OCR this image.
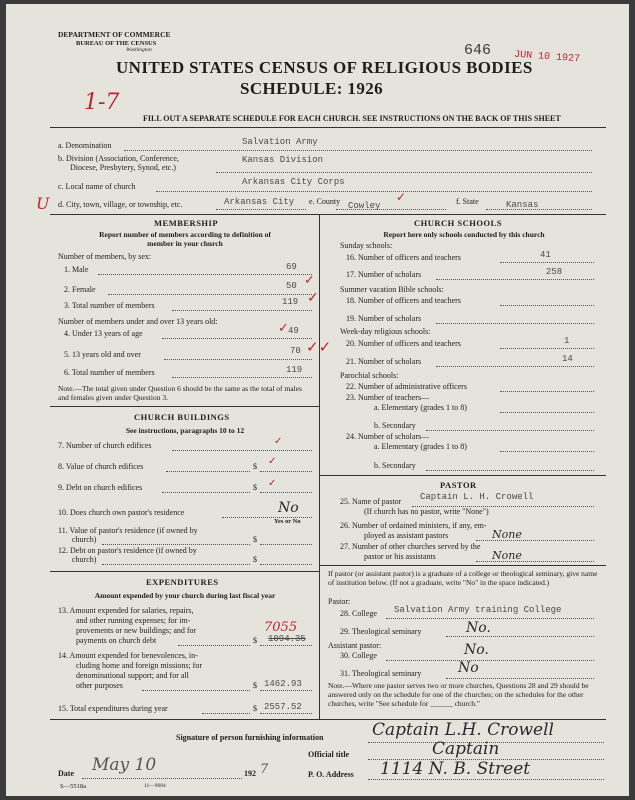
DEPARTMENT OF COMMERCE
BUREAU OF THE CENSUS
Washington	646 JUN 10 1927
UNITED STATES CENSUS OF RELIGIOUS BODIES
SCHEDULE: 1926
1-7
FILL OUT A SEPARATE SCHEDULE FOR EACH CHURCH. SEE INSTRUCTIONS ON THE BACK OF THIS SHEET
a. Denomination	Salvation Army
b. Division (Association, Conference,
Diocese, Presbytery, Synod, etc.)
Kansas Division
c. Local name of church	Arkansas City Corps
U d. City, town, village, or township, etc.	Arkansas City e. County Cowley
✓	f. State	Kansas
MEMBERSHIP
Report number of members according to definition of
member in your church
Number of members, by sex:
1. Male	69
2. Female	50 ✓
3. Total number of members	119 ✓
Number of members under and over 13 years old:
4. Under 13 years of age	49
✓
5. 13 years old and over	70 ✓✓
6. Total number of members	119
Note.—The total given under Question 6 should be the same as the total of males and females given under Question 3.
CHURCH BUILDINGS
See instructions, paragraphs 10 to 12
7. Number of church edifices	✓
8. Value of church edifices	$ ✓
9. Debt on church edifices	$ ✓
10. Does church own pastor's residence	No
Yes or No
11. Value of pastor's residence (if owned by
church)	$
12. Debt on pastor's residence (if owned by
church)	$
EXPENDITURES
Amount expended by your church during last fiscal year
13. Amount expended for salaries, repairs,
and other running expenses; for im-
provements or new buildings; and for
payments on church debt	$
7055
1094.35
14. Amount expended for benevolences, in-
cluding home and foreign missions; for
denominational support; and for all
other purposes	$ 1462.93
15. Total expenditures during year	$ 2557.52
CHURCH SCHOOLS
Report here only schools conducted by this church
Sunday schools:
16. Number of officers and teachers	41
17. Number of scholars	258
Summer vacation Bible schools:
18. Number of officers and teachers
19. Number of scholars
Week-day religious schools:
20. Number of officers and teachers	1
21. Number of scholars	14
Parochial schools:
22. Number of administrative officers
23. Number of teachers—
a. Elementary (grades 1 to 8)
b. Secondary
24. Number of scholars—
a. Elementary (grades 1 to 8)
b. Secondary
PASTOR
25. Name of pastor Captain L. H. Crowell
(If church has no pastor, write "None")
26. Number of ordained ministers, if any, em-
ployed as assistant pastors	None
27. Number of other churches served by the
pastor or his assistants	None
If pastor (or assistant pastor) is a graduate of a college or theological seminary, give name of institution below. (If not a graduate, write "No" in the space indicated.)
Pastor:
28. College Salvation Army training College
29. Theological seminary	No.
Assistant pastor:
30. College	No.
31. Theological seminary	No
Note.—Where one pastor serves two or more churches, Questions 28 and 29 should be answered only on the schedule for one of the churches; on the schedules for the other churches, write "See schedule for ______ church."
Signature of person furnishing information	Captain L.H. Crowell
Official title	Captain
Date May 10	192 7	P. O. Address 1114 N. B. Street
S—5518a	11—9684
